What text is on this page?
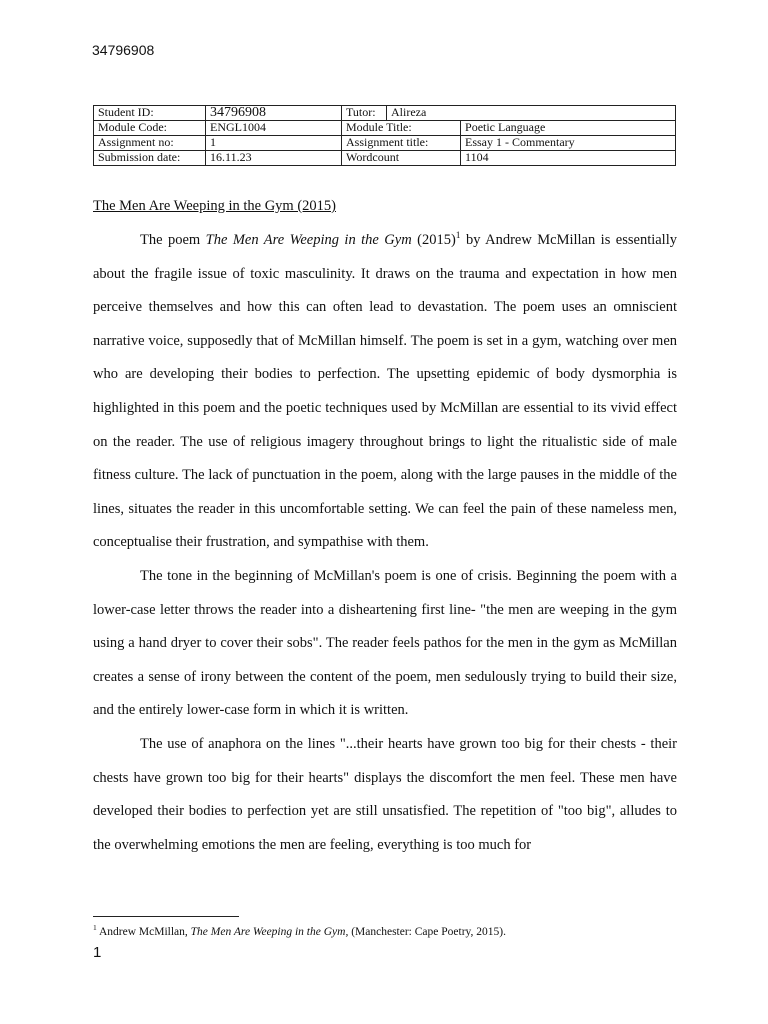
34796908

Student ID:	34796908	Tutor:	Alireza	
Module Code:	ENGL1004	Module Title:		Poetic Language
Assignment no:	1	Assignment title:		Essay 1 - Commentary
Submission date:	16.11.23	Wordcount		1104
The Men Are Weeping in the Gym (2015)

The poem The Men Are Weeping in the Gym (2015)$^1$ by Andrew McMillan is essentially about the fragile issue of toxic masculinity. It draws on the trauma and expectation in how men perceive themselves and how this can often lead to devastation. The poem uses an omniscient narrative voice, supposedly that of McMillan himself. The poem is set in a gym, watching over men who are developing their bodies to perfection. The upsetting epidemic of body dysmorphia is highlighted in this poem and the poetic techniques used by McMillan are essential to its vivid effect on the reader. The use of religious imagery throughout brings to light the ritualistic side of male fitness culture. The lack of punctuation in the poem, along with the large pauses in the middle of the lines, situates the reader in this uncomfortable setting. We can feel the pain of these nameless men, conceptualise their frustration, and sympathise with them.

The tone in the beginning of McMillan's poem is one of crisis. Beginning the poem with a lower-case letter throws the reader into a disheartening first line- "the men are weeping in the gym using a hand dryer to cover their sobs". The reader feels pathos for the men in the gym as McMillan creates a sense of irony between the content of the poem, men sedulously trying to build their size, and the entirely lower-case form in which it is written.

The use of anaphora on the lines "...their hearts have grown too big for their chests - their chests have grown too big for their hearts" displays the discomfort the men feel. These men have developed their bodies to perfection yet are still unsatisfied. The repetition of "too big", alludes to the overwhelming emotions the men are feeling, everything is too much for

$^1$ Andrew McMillan, The Men Are Weeping in the Gym, (Manchester: Cape Poetry, 2015).

1
